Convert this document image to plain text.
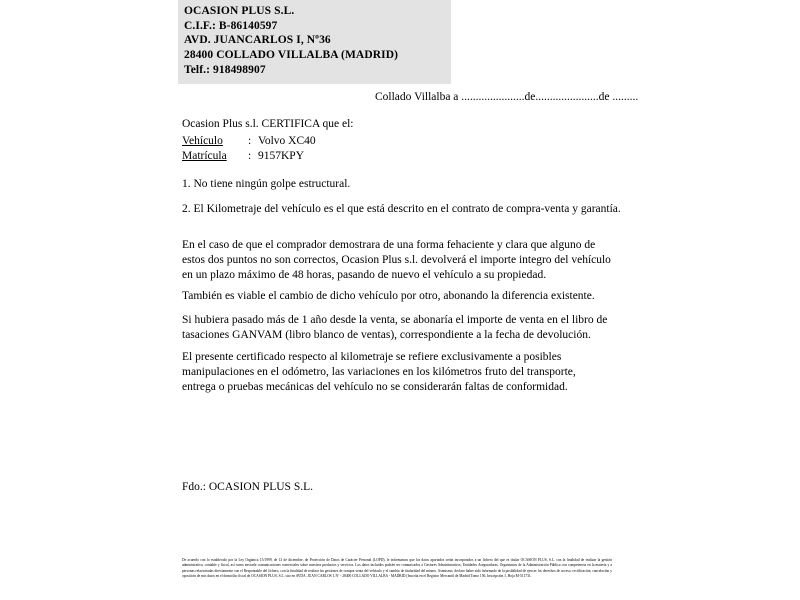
OCASION PLUS S.L.
C.I.F.: B-86140597
AVD. JUANCARLOS I, Nº36
28400 COLLADO VILLALBA (MADRID)
Telf.: 918498907
Collado Villalba a ......................de......................de .........
Ocasion Plus s.l. CERTIFICA que el:
Vehículo : Volvo XC40
Matrícula : 9157KPY
1. No tiene ningún golpe estructural.
2. El Kilometraje del vehículo es el que está descrito en el contrato de compra-venta y garantía.
En el caso de que el comprador demostrara de una forma fehaciente y clara que alguno de estos dos puntos no son correctos, Ocasion Plus s.l. devolverá el importe integro del vehículo en un plazo máximo de 48 horas, pasando de nuevo el vehículo a su propiedad.
También es viable el cambio de dicho vehículo por otro, abonando la diferencia existente.
Si hubiera pasado más de 1 año desde la venta, se abonaría el importe de venta en el libro de tasaciones GANVAM (libro blanco de ventas), correspondiente a la fecha de devolución.
El presente certificado respecto al kilometraje se refiere exclusivamente a posibles manipulaciones en el odómetro, las variaciones en los kilómetros fruto del transporte, entrega o pruebas mecánicas del vehículo no se considerarán faltas de conformidad.
Fdo.: OCASION PLUS S.L.
De acuerdo con lo establecido por la Ley Orgánica 15/1999, de 13 de diciembre, de Protección de Datos de Carácter Personal (LOPD), le informamos que los datos aportados serán incorporados a un fichero del que es titular OCASION PLUS, S.L. con la finalidad de realizar la gestión administrativa, contable y fiscal, así como enviarle comunicaciones comerciales sobre nuestros productos y servicios. Los datos incluidos podrán ser comunicados a Gestores Administrativos, Entidades Aseguradoras, Organismos de la Administración Pública con competencia en la materia y a personas relacionadas directamente con el Responsable del fichero, con la finalidad de realizar las gestiones de compra venta del vehículo y el cambio de titularidad del mismo. Asimismo, declaro haber sido informado de la posibilidad de ejercer los derechos de acceso, rectificación, cancelación y oposición de mis datos en el domicilio fiscal de OCASION PLUS, S.L. sito en AVDA. JUAN CARLOS I, Nº - 28400 COLLADO VILLALBA - MADRID (Inscrita en el Registro Mercantil de Madrid Tomo 156, Inscripción 1, Hoja M-511731.
